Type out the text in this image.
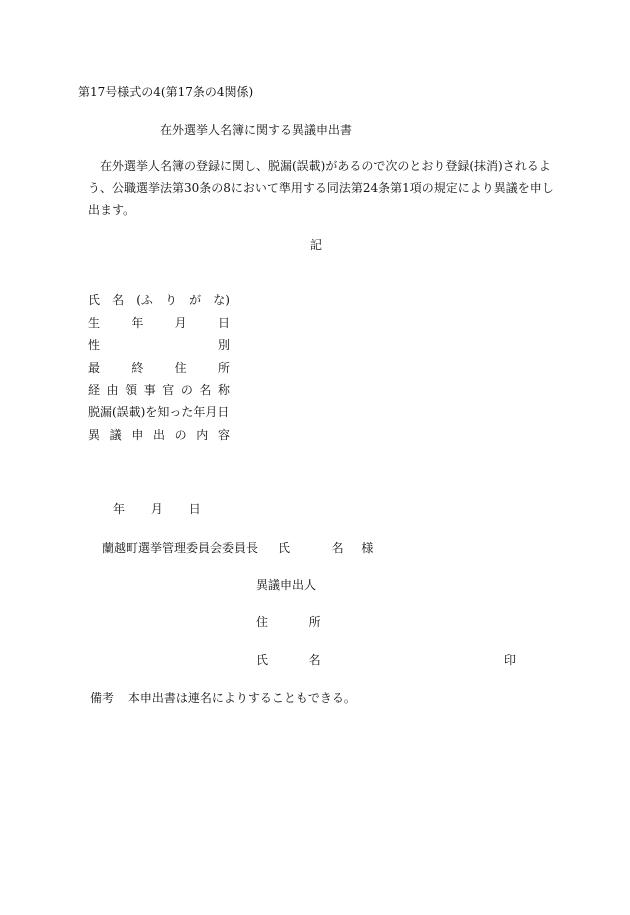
第17号様式の4(第17条の4関係)
在外選挙人名簿に関する異議申出書
在外選挙人名簿の登録に関し、脱漏(誤載)があるので次のとおり登録(抹消)されるよう、公職選挙法第30条の8において準用する同法第24条第1項の規定により異議を申し出ます。
記
氏 名 (ふ り が な)
生	年	月	日
性	別
最	終	住	所
経 由 領 事 官 の 名 称
脱漏(誤載)を知った年月日
異 議 申 出 の 内 容
年 月 日
蘭越町選挙管理委員会委員長 氏	名 様
異議申出人
住	所
氏	名	印
備考 本申出書は連名によりすることもできる。
